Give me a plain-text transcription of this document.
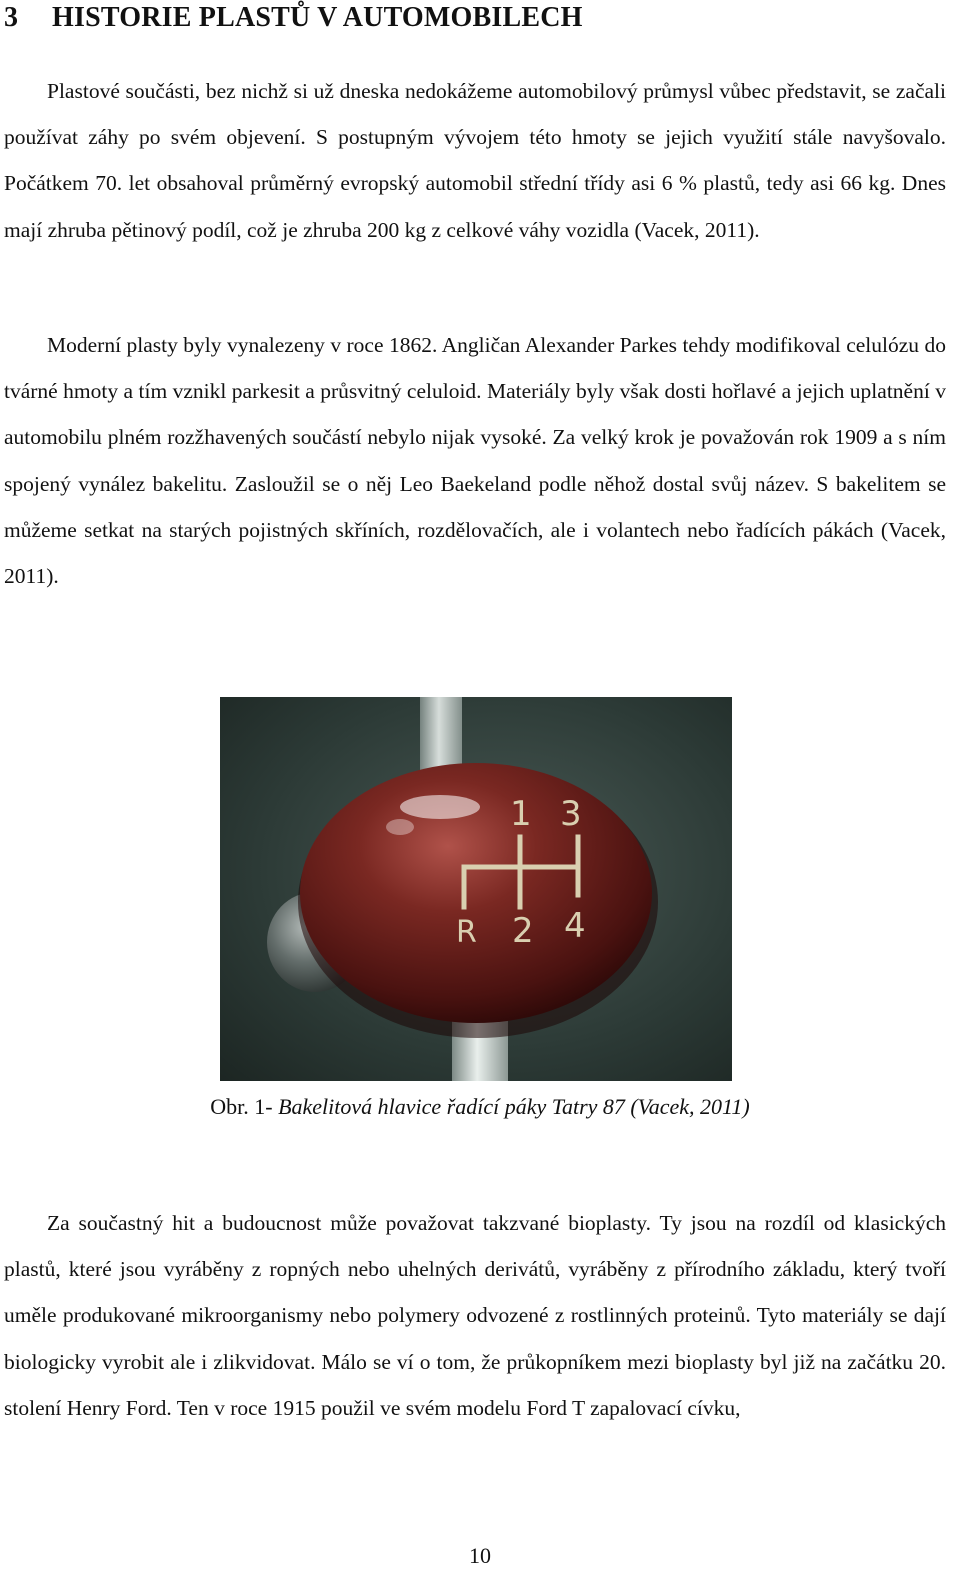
3 HISTORIE PLASTŮ V AUTOMOBILECH

Plastové součásti, bez nichž si už dneska nedokážeme automobilový průmysl vůbec představit, se začali používat záhy po svém objevení. S postupným vývojem této hmoty se jejich využití stále navyšovalo. Počátkem 70. let obsahoval průměrný evropský automobil střední třídy asi 6 % plastů, tedy asi 66 kg. Dnes mají zhruba pětinový podíl, což je zhruba 200 kg z celkové váhy vozidla (Vacek, 2011).

Moderní plasty byly vynalezeny v roce 1862. Angličan Alexander Parkes tehdy modifikoval celulózu do tvárné hmoty a tím vznikl parkesit a průsvitný celuloid. Materiály byly však dosti hořlavé a jejich uplatnění v automobilu plném rozžhavených součástí nebylo nijak vysoké. Za velký krok je považován rok 1909 a s ním spojený vynález bakelitu. Zasloužil se o něj Leo Baekeland podle něhož dostal svůj název. S bakelitem se můžeme setkat na starých pojistných skříních, rozdělovačích, ale i volantech nebo řadících pákách (Vacek, 2011).

1 3
2 4
R

Obr. 1- Bakelitová hlavice řadící páky Tatry 87 (Vacek, 2011)

Za součastný hit a budoucnost může považovat takzvané bioplasty. Ty jsou na rozdíl od klasických plastů, které jsou vyráběny z ropných nebo uhelných derivátů, vyráběny z přírodního základu, který tvoří uměle produkované mikroorganismy nebo polymery odvozené z rostlinných proteinů. Tyto materiály se dají biologicky vyrobit ale i zlikvidovat. Málo se ví o tom, že průkopníkem mezi bioplasty byl již na začátku 20. stolení Henry Ford. Ten v roce 1915 použil ve svém modelu Ford T zapalovací cívku,

10
